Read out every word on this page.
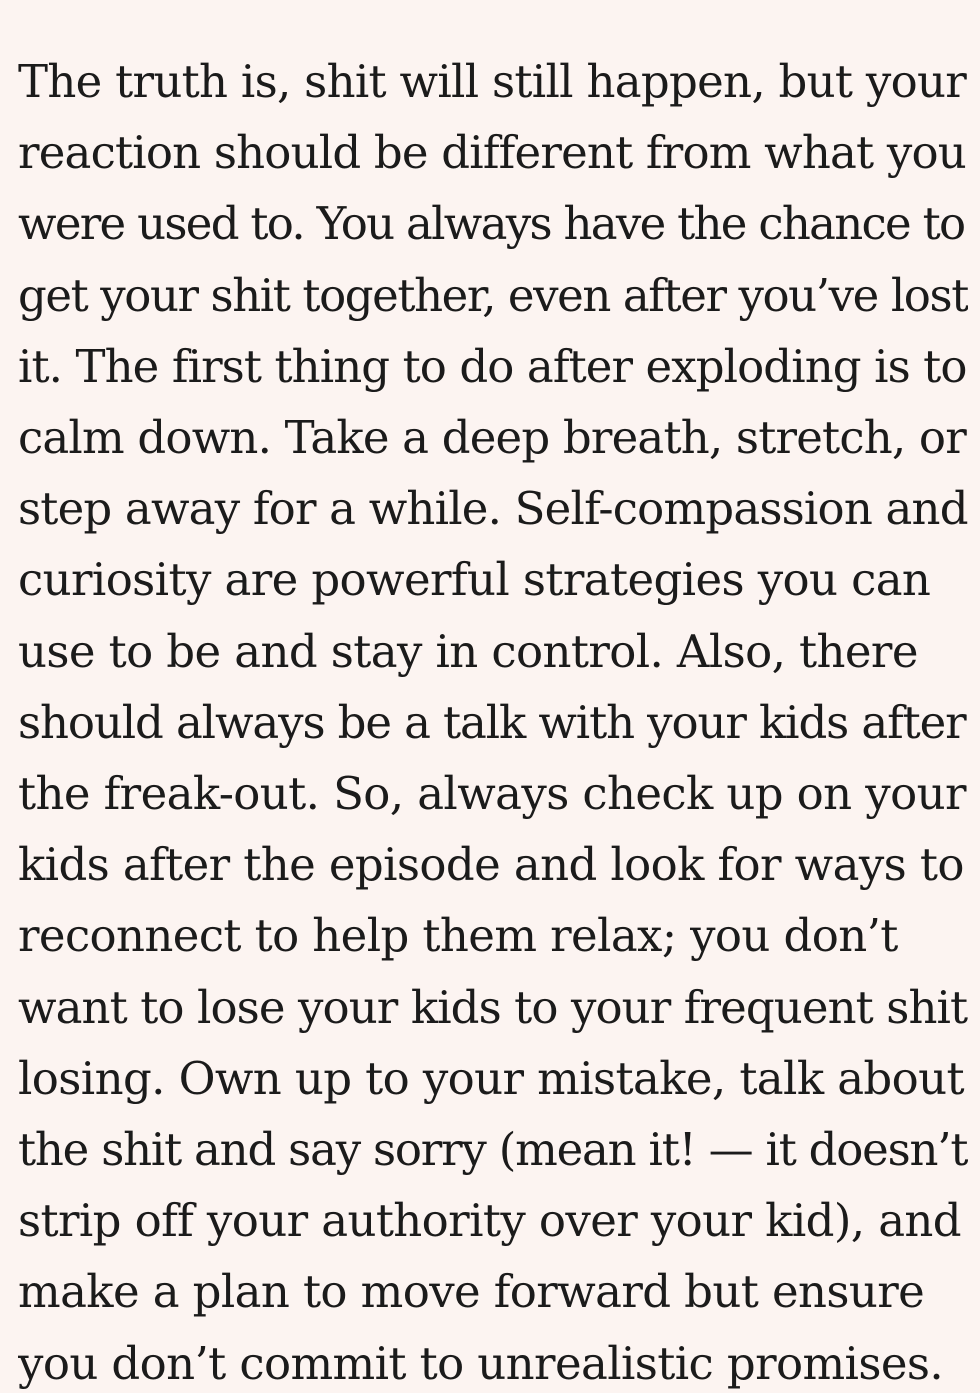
The truth is, shit will still happen, but your
reaction should be different from what you
were used to. You always have the chance to
get your shit together, even after you’ve lost
it. The first thing to do after exploding is to
calm down. Take a deep breath, stretch, or
step away for a while. Self-compassion and
curiosity are powerful strategies you can
use to be and stay in control. Also, there
should always be a talk with your kids after
the freak-out. So, always check up on your
kids after the episode and look for ways to
reconnect to help them relax; you don’t
want to lose your kids to your frequent shit
losing. Own up to your mistake, talk about
the shit and say sorry (mean it! — it doesn’t
strip off your authority over your kid), and
make a plan to move forward but ensure
you don’t commit to unrealistic promises.
